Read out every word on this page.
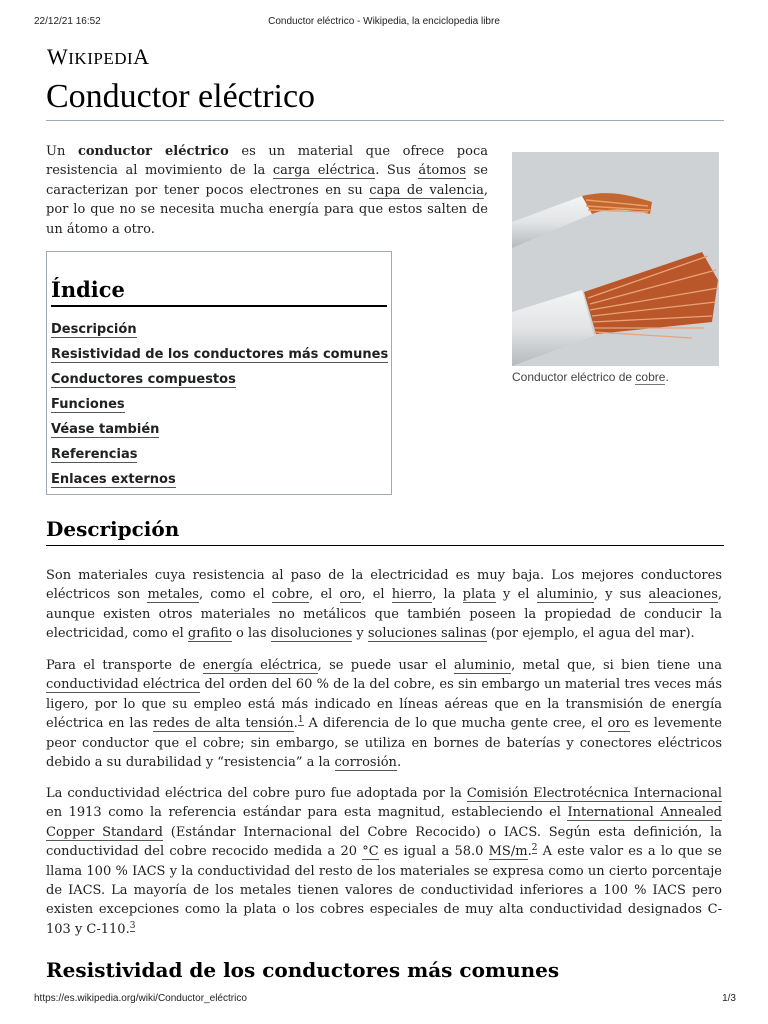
22/12/21 16:52	Conductor eléctrico - Wikipedia, la enciclopedia libre
WIKIPEDIA
Conductor eléctrico

Un conductor eléctrico es un material que ofrece poca resistencia al movimiento de la carga eléctrica. Sus átomos se caracterizan por tener pocos electrones en su capa de valencia, por lo que no se necesita mucha energía para que estos salten de un átomo a otro.

Conductor eléctrico de cobre.
Índice
Descripción
Resistividad de los conductores más comunes
Conductores compuestos
Funciones
Véase también
Referencias
Enlaces externos
Descripción

Son materiales cuya resistencia al paso de la electricidad es muy baja. Los mejores conductores eléctricos son metales, como el cobre, el oro, el hierro, la plata y el aluminio, y sus aleaciones, aunque existen otros materiales no metálicos que también poseen la propiedad de conducir la electricidad, como el grafito o las disoluciones y soluciones salinas (por ejemplo, el agua del mar).

Para el transporte de energía eléctrica, se puede usar el aluminio, metal que, si bien tiene una conductividad eléctrica del orden del 60 % de la del cobre, es sin embargo un material tres veces más ligero, por lo que su empleo está más indicado en líneas aéreas que en la transmisión de energía eléctrica en las redes de alta tensión.$^1$ A diferencia de lo que mucha gente cree, el oro es levemente peor conductor que el cobre; sin embargo, se utiliza en bornes de baterías y conectores eléctricos debido a su durabilidad y “resistencia” a la corrosión.

La conductividad eléctrica del cobre puro fue adoptada por la Comisión Electrotécnica Internacional en 1913 como la referencia estándar para esta magnitud, estableciendo el International Annealed Copper Standard (Estándar Internacional del Cobre Recocido) o IACS. Según esta definición, la conductividad del cobre recocido medida a 20 °C es igual a 58.0 MS/m.$^2$ A este valor es a lo que se llama 100 % IACS y la conductividad del resto de los materiales se expresa como un cierto porcentaje de IACS. La mayoría de los metales tienen valores de conductividad inferiores a 100 % IACS pero existen excepciones como la plata o los cobres especiales de muy alta conductividad designados C-103 y C-110.$^3$

Resistividad de los conductores más comunes
https://es.wikipedia.org/wiki/Conductor_eléctrico	1/3
